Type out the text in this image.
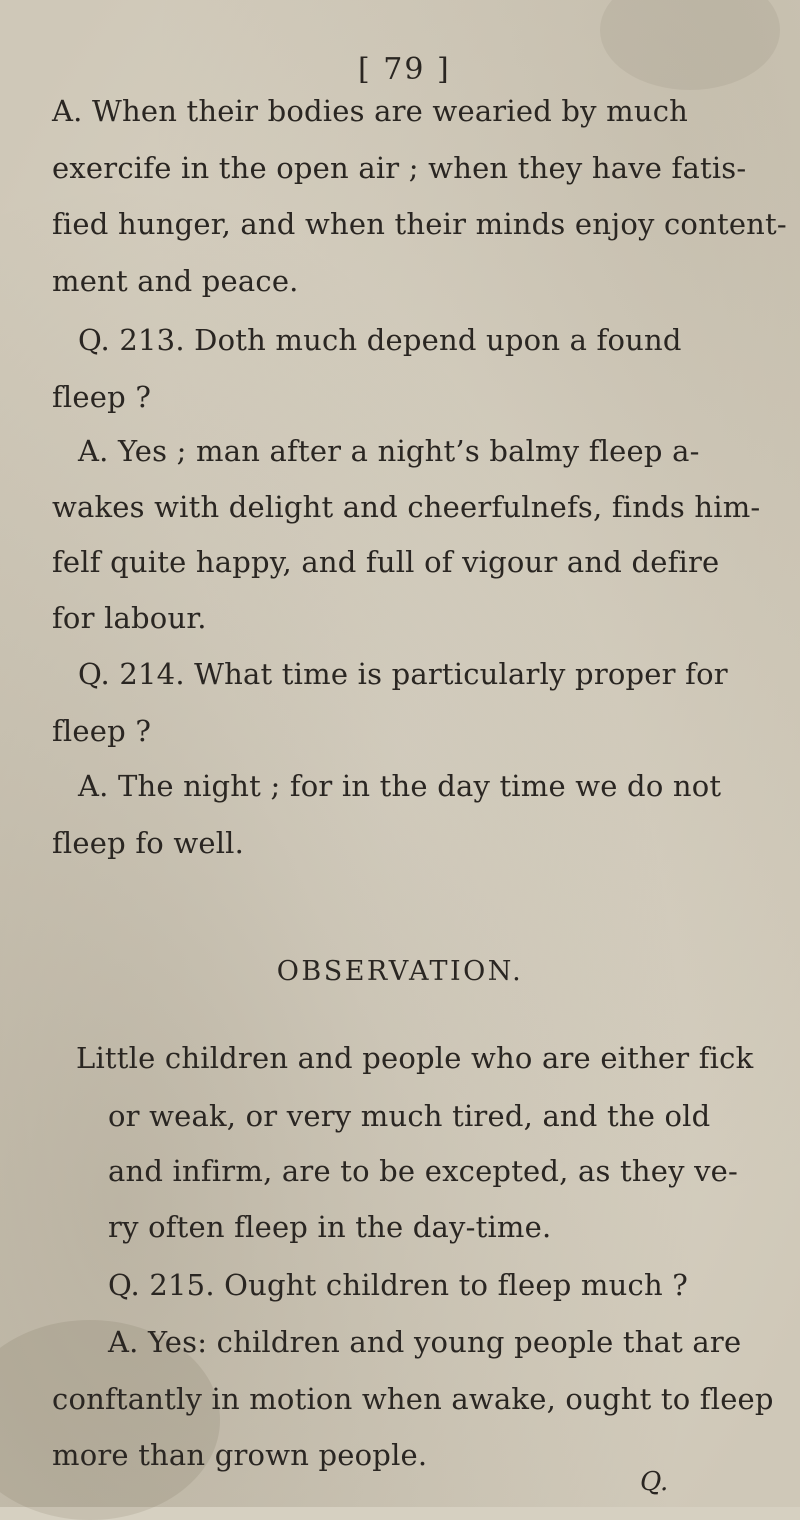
[ 79 ]
A. When their bodies are wearied by much
exercife in the open air ; when they have fatis-
fied hunger, and when their minds enjoy content-
ment and peace.
Q. 213. Doth much depend upon a found
fleep ?
A. Yes ; man after a night’s balmy fleep a-
wakes with delight and cheerfulnefs, finds him-
felf quite happy, and full of vigour and defire
for labour.
Q. 214. What time is particularly proper for
fleep ?
A. The night ; for in the day time we do not
fleep fo well.
OBSERVATION.
Little children and people who are either fick
or weak, or very much tired, and the old
and infirm, are to be excepted, as they ve-
ry often fleep in the day-time.
Q. 215. Ought children to fleep much ?
A. Yes: children and young people that are
conftantly in motion when awake, ought to fleep
more than grown people.
Q.
